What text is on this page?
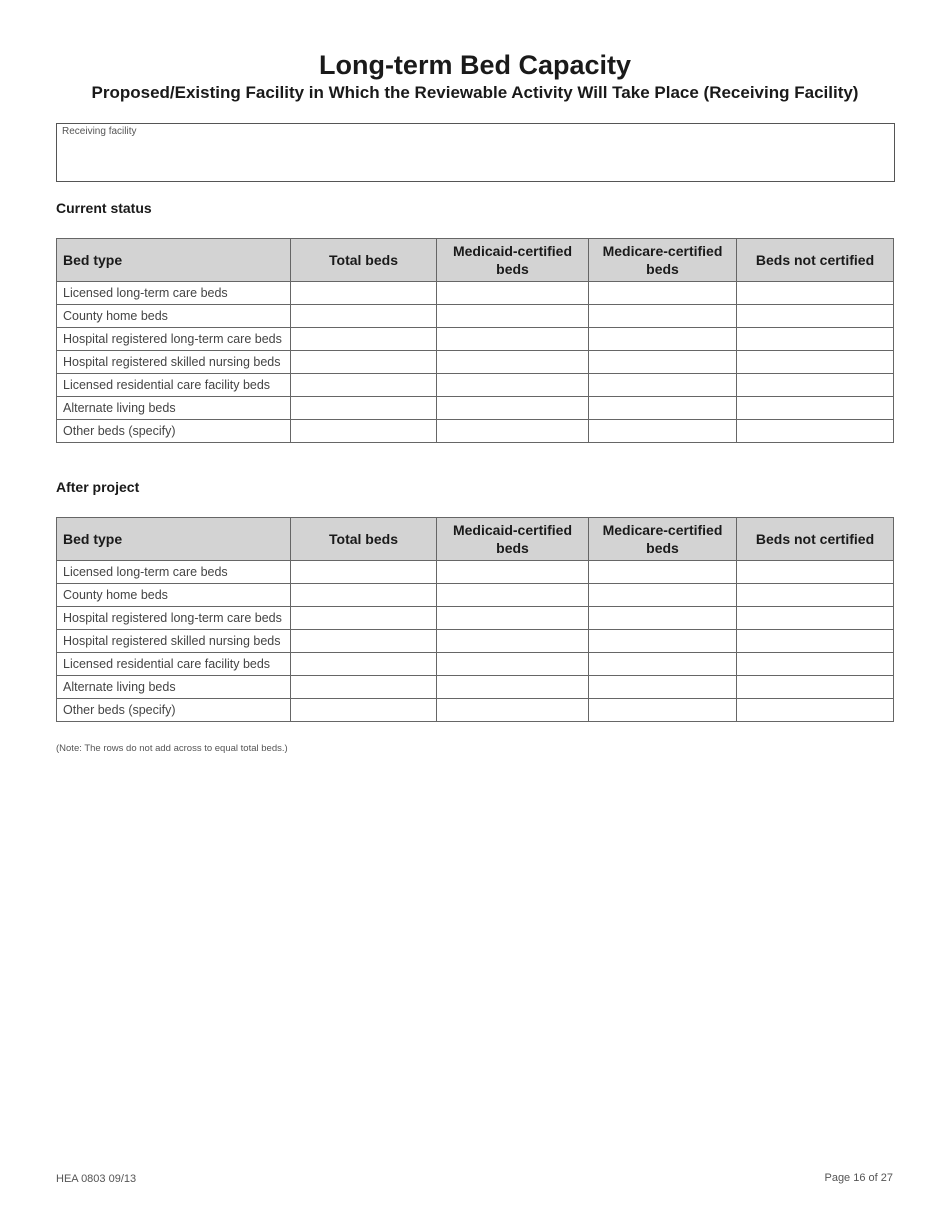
Long-term Bed Capacity
Proposed/Existing Facility in Which the Reviewable Activity Will Take Place (Receiving Facility)
Receiving facility
Current status
Bed type	Total beds	Medicaid-certified beds	Medicare-certified beds	Beds not certified
Licensed long-term care beds				
County home beds				
Hospital registered long-term care beds				
Hospital registered skilled nursing beds				
Licensed residential care facility beds				
Alternate living beds				
Other beds (specify)				
After project
Bed type	Total beds	Medicaid-certified beds	Medicare-certified beds	Beds not certified
Licensed long-term care beds				
County home beds				
Hospital registered long-term care beds				
Hospital registered skilled nursing beds				
Licensed residential care facility beds				
Alternate living beds				
Other beds (specify)				
(Note: The rows do not add across to equal total beds.)
HEA 0803 09/13	Page 16 of 27
